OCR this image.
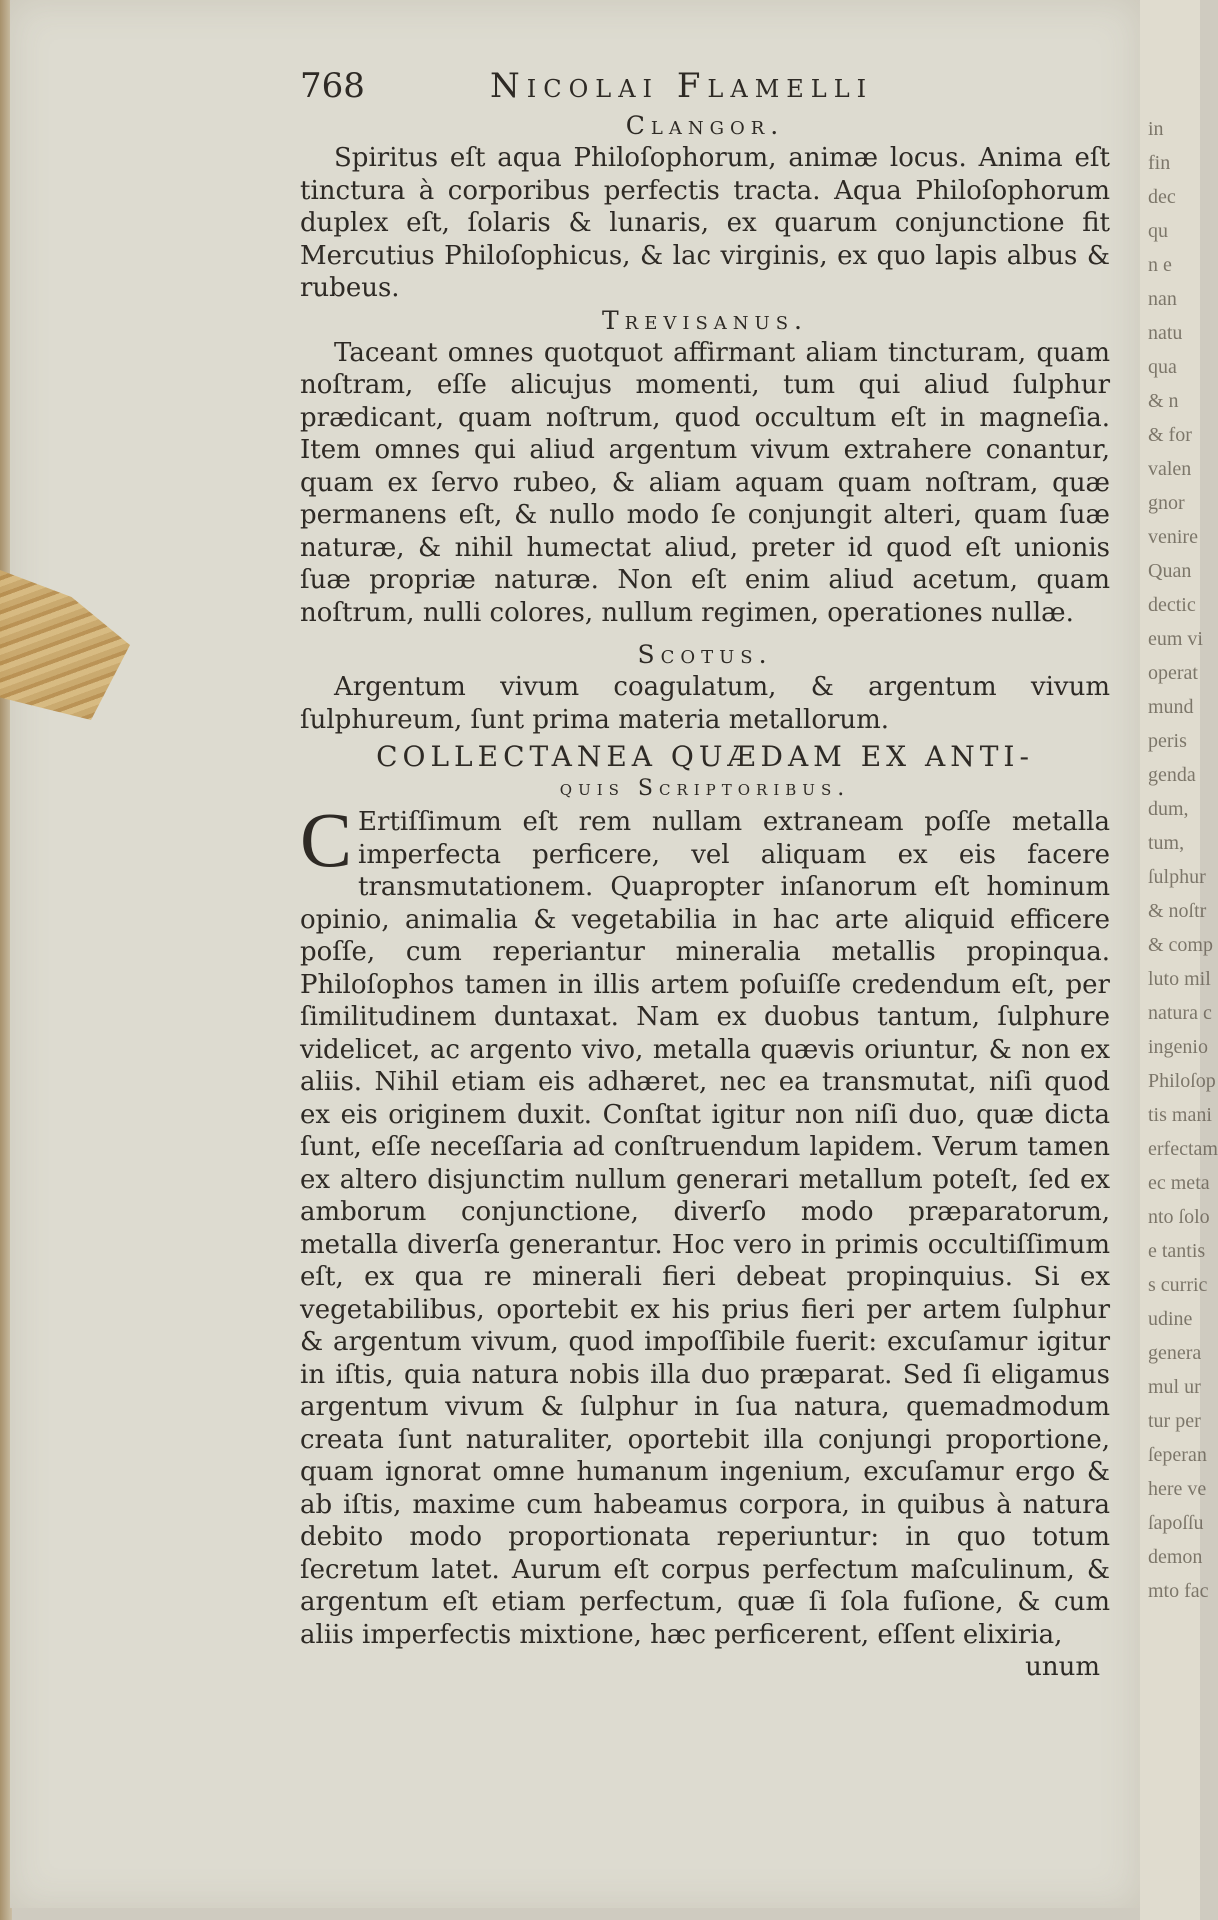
768	Nicolai Flamelli
Clangor.

Spiritus eſt aqua Philoſophorum, animæ locus. Anima eſt tinctura à corporibus perfectis tracta. Aqua Philoſophorum duplex eſt, ſolaris & lunaris, ex quarum conjunctione fit Mercutius Philoſophicus, & lac virginis, ex quo lapis albus & rubeus.

Trevisanus.

Taceant omnes quotquot affirmant aliam tincturam, quam noſtram, eſſe alicujus momenti, tum qui aliud ſulphur prædicant, quam noſtrum, quod occultum eſt in magneſia. Item omnes qui aliud argentum vivum extrahere conantur, quam ex ſervo rubeo, & aliam aquam quam noſtram, quæ permanens eſt, & nullo modo ſe conjungit alteri, quam ſuæ naturæ, & nihil humectat aliud, preter id quod eſt unionis ſuæ propriæ naturæ. Non eſt enim aliud acetum, quam noſtrum, nulli colores, nullum regimen, operationes nullæ.

Scotus.

Argentum vivum coagulatum, & argentum vivum ſulphureum, ſunt prima materia metallorum.

COLLECTANEA QUÆDAM EX ANTI-
quis Scriptoribus.

C Ertiſſimum eſt rem nullam extraneam poſſe metalla imperfecta perficere, vel aliquam ex eis facere transmutationem. Quapropter inſanorum eſt hominum opinio, animalia & vegetabilia in hac arte aliquid efficere poſſe, cum reperiantur mineralia metallis propinqua. Philoſophos tamen in illis artem poſuiſſe credendum eſt, per ſimilitudinem duntaxat. Nam ex duobus tantum, ſulphure videlicet, ac argento vivo, metalla quævis oriuntur, & non ex aliis. Nihil etiam eis adhæret, nec ea transmutat, niſi quod ex eis originem duxit. Conſtat igitur non niſi duo, quæ dicta ſunt, eſſe neceſſaria ad conſtruendum lapidem. Verum tamen ex altero disjunctim nullum generari metallum poteſt, ſed ex amborum conjunctione, diverſo modo præparatorum, metalla diverſa generantur. Hoc vero in primis occultiſſimum eſt, ex qua re minerali fieri debeat propinquius. Si ex vegetabilibus, oportebit ex his prius fieri per artem ſulphur & argentum vivum, quod impoſſibile fuerit: excuſamur igitur in iſtis, quia natura nobis illa duo præparat. Sed ſi eligamus argentum vivum & ſulphur in ſua natura, quemadmodum creata ſunt naturaliter, oportebit illa conjungi proportione, quam ignorat omne humanum ingenium, excuſamur ergo & ab iſtis, maxime cum habeamus corpora, in quibus à natura debito modo proportionata reperiuntur: in quo totum ſecretum latet. Aurum eſt corpus perfectum maſculinum, & argentum eſt etiam perfectum, quæ ſi ſola fuſione, & cum aliis imperfectis mixtione, hæc perficerent, eſſent elixiria,

unum
in
fin
dec
qu
n e
nan
natu
qua
& n
& for
valen
gnor
venire
Quan
dectic
eum vi
operat
mund
peris
genda
dum,
tum,
ſulphur
& noſtr
& comp
luto mil
natura c
ingenio
Philoſop
tis mani
erfectam
ec meta
nto ſolo
e tantis
s curric
udine
genera
mul ur
tur per
ſeperan
here ve
ſapoſſu
demon
mto fac
